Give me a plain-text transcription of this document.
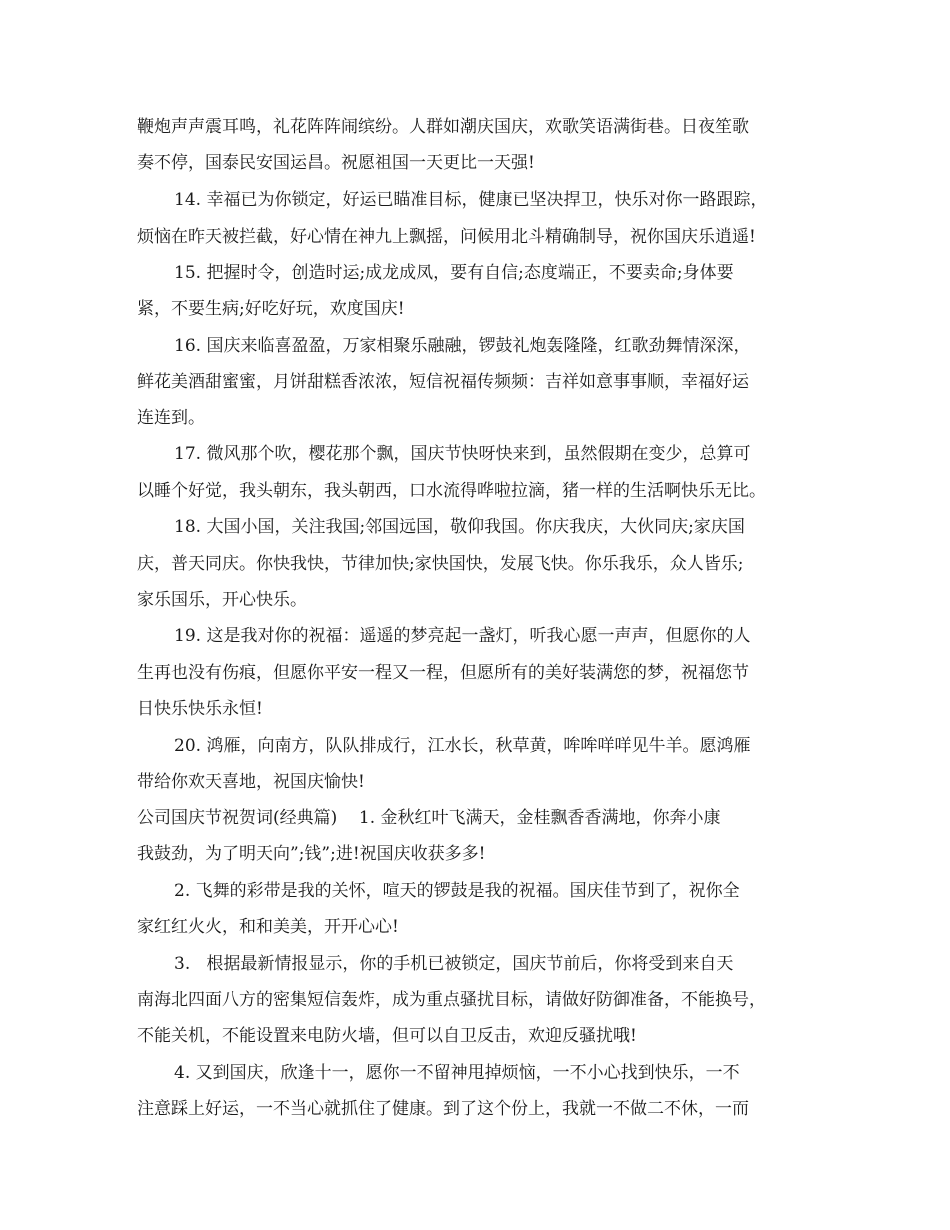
鞭炮声声震耳鸣，礼花阵阵闹缤纷。人群如潮庆国庆，欢歌笑语满街巷。日夜笙歌
奏不停，国泰民安国运昌。祝愿祖国一天更比一天强!
14. 幸福已为你锁定，好运已瞄准目标，健康已坚决捍卫，快乐对你一路跟踪，
烦恼在昨天被拦截，好心情在神九上飘摇，问候用北斗精确制导，祝你国庆乐逍遥!
15. 把握时令，创造时运;成龙成凤，要有自信;态度端正，不要卖命;身体要
紧，不要生病;好吃好玩，欢度国庆!
16. 国庆来临喜盈盈，万家相聚乐融融，锣鼓礼炮轰隆隆，红歌劲舞情深深，
鲜花美酒甜蜜蜜，月饼甜糕香浓浓，短信祝福传频频：吉祥如意事事顺，幸福好运
连连到。
17. 微风那个吹，樱花那个飘，国庆节快呀快来到，虽然假期在变少，总算可
以睡个好觉，我头朝东，我头朝西，口水流得哗啦拉滴，猪一样的生活啊快乐无比。
18. 大国小国，关注我国;邻国远国，敬仰我国。你庆我庆，大伙同庆;家庆国
庆，普天同庆。你快我快，节律加快;家快国快，发展飞快。你乐我乐，众人皆乐;
家乐国乐，开心快乐。
19. 这是我对你的祝福：遥遥的梦亮起一盏灯，听我心愿一声声，但愿你的人
生再也没有伤痕，但愿你平安一程又一程，但愿所有的美好装满您的梦，祝福您节
日快乐快乐永恒!
20. 鸿雁，向南方，队队排成行，江水长，秋草黄，哞哞咩咩见牛羊。愿鸿雁
带给你欢天喜地，祝国庆愉快!
公司国庆节祝贺词(经典篇)    1. 金秋红叶飞满天，金桂飘香香满地，你奔小康
我鼓劲，为了明天向”;钱”;进!祝国庆收获多多!
2. 飞舞的彩带是我的关怀，喧天的锣鼓是我的祝福。国庆佳节到了，祝你全
家红红火火，和和美美，开开心心!
3.   根据最新情报显示，你的手机已被锁定，国庆节前后，你将受到来自天
南海北四面八方的密集短信轰炸，成为重点骚扰目标，请做好防御准备，不能换号，
不能关机，不能设置来电防火墙，但可以自卫反击，欢迎反骚扰哦!
4. 又到国庆，欣逢十一，愿你一不留神甩掉烦恼，一不小心找到快乐，一不
注意踩上好运，一不当心就抓住了健康。到了这个份上，我就一不做二不休，一而
